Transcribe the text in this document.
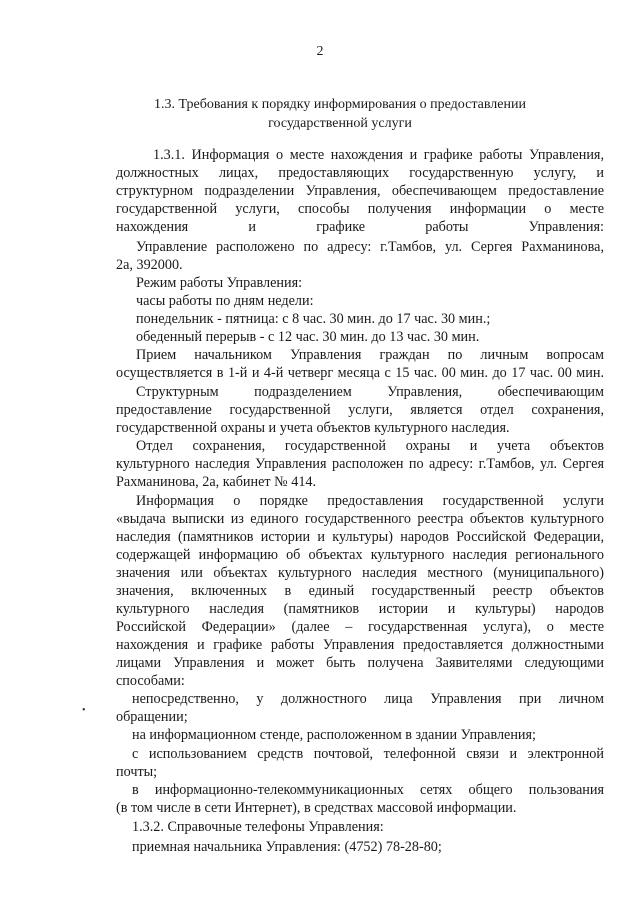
2
1.3. Требования к порядку информирования о предоставлении
государственной услуги
1.3.1. Информация о месте нахождения и графике работы Управления,
должностных лицах, предоставляющих государственную услугу, и
структурном подразделении Управления, обеспечивающем предоставление
государственной услуги, способы получения информации о месте
нахождения и графике работы Управления:
Управление расположено по адресу: г.Тамбов, ул. Сергея Рахманинова,
2а, 392000.
Режим работы Управления:
часы работы по дням недели:
понедельник - пятница: с 8 час. 30 мин. до 17 час. 30 мин.;
обеденный перерыв - с 12 час. 30 мин. до 13 час. 30 мин.
Прием начальником Управления граждан по личным вопросам
осуществляется в 1-й и 4-й четверг месяца с 15 час. 00 мин. до 17 час. 00 мин.
Структурным подразделением Управления, обеспечивающим
предоставление государственной услуги, является отдел сохранения,
государственной охраны и учета объектов культурного наследия.
Отдел сохранения, государственной охраны и учета объектов
культурного наследия Управления расположен по адресу: г.Тамбов, ул. Сергея
Рахманинова, 2а, кабинет № 414.
Информация о порядке предоставления государственной услуги
«выдача выписки из единого государственного реестра объектов культурного
наследия (памятников истории и культуры) народов Российской Федерации,
содержащей информацию об объектах культурного наследия регионального
значения или объектах культурного наследия местного (муниципального)
значения, включенных в единый государственный реестр объектов
культурного наследия (памятников истории и культуры) народов
Российской Федерации» (далее – государственная услуга), о месте
нахождения и графике работы Управления предоставляется должностными
лицами Управления и может быть получена Заявителями следующими
способами:
непосредственно, у должностного лица Управления при личном
обращении;
на информационном стенде, расположенном в здании Управления;
с использованием средств почтовой, телефонной связи и электронной
почты;
в информационно-телекоммуникационных сетях общего пользования
(в том числе в сети Интернет), в средствах массовой информации.
1.3.2. Справочные телефоны Управления:
приемная начальника Управления: (4752) 78-28-80;
•
